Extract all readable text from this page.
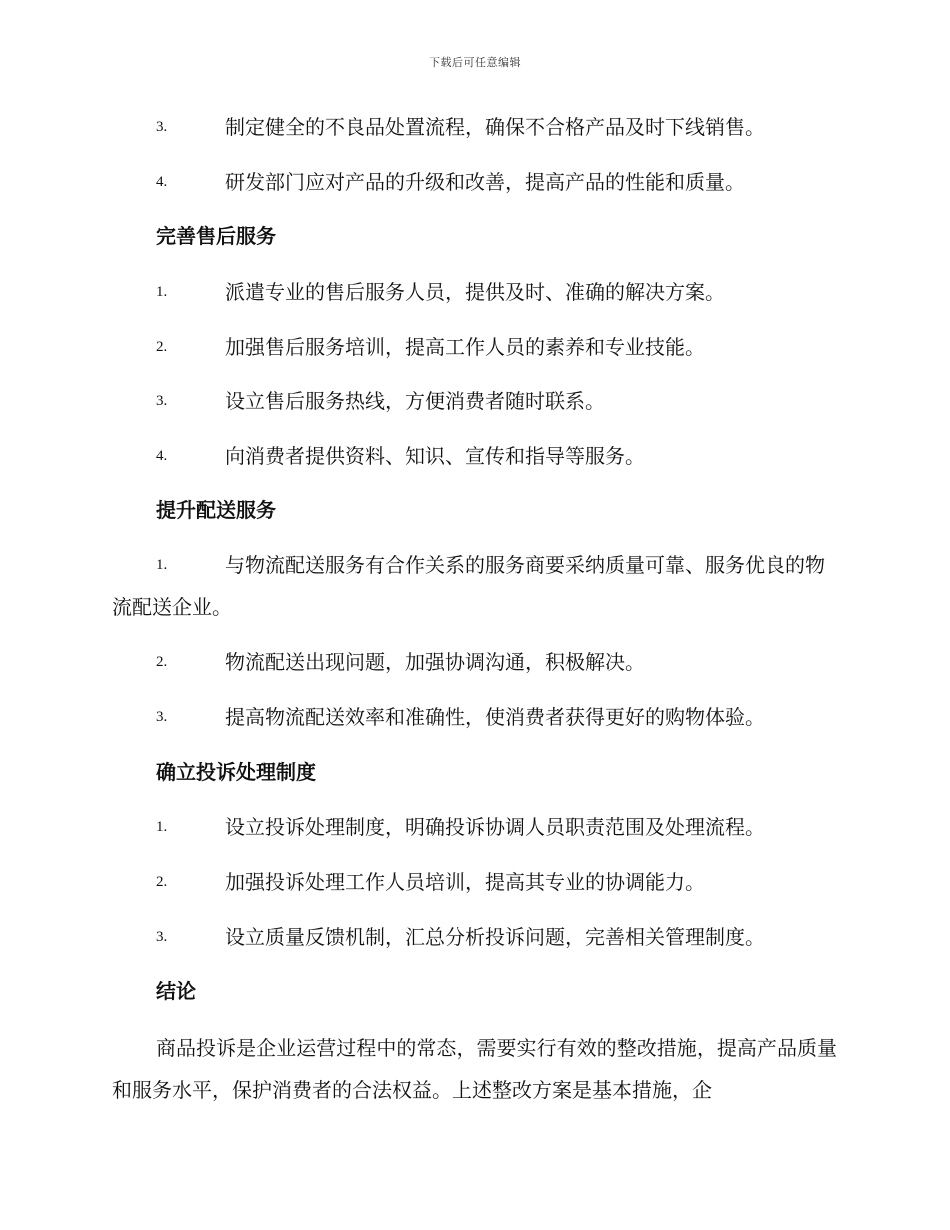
下载后可任意编辑
3.	制定健全的不良品处置流程，确保不合格产品及时下线销售。
4.	研发部门应对产品的升级和改善，提高产品的性能和质量。
完善售后服务
1.	派遣专业的售后服务人员，提供及时、准确的解决方案。
2.	加强售后服务培训，提高工作人员的素养和专业技能。
3.	设立售后服务热线，方便消费者随时联系。
4.	向消费者提供资料、知识、宣传和指导等服务。
提升配送服务
1.	与物流配送服务有合作关系的服务商要采纳质量可靠、服务优良的物流配送企业。
2.	物流配送出现问题，加强协调沟通，积极解决。
3.	提高物流配送效率和准确性，使消费者获得更好的购物体验。
确立投诉处理制度
1.	设立投诉处理制度，明确投诉协调人员职责范围及处理流程。
2.	加强投诉处理工作人员培训，提高其专业的协调能力。
3.	设立质量反馈机制，汇总分析投诉问题，完善相关管理制度。
结论
商品投诉是企业运营过程中的常态，需要实行有效的整改措施，提高产品质量和服务水平，保护消费者的合法权益。上述整改方案是基本措施，企
